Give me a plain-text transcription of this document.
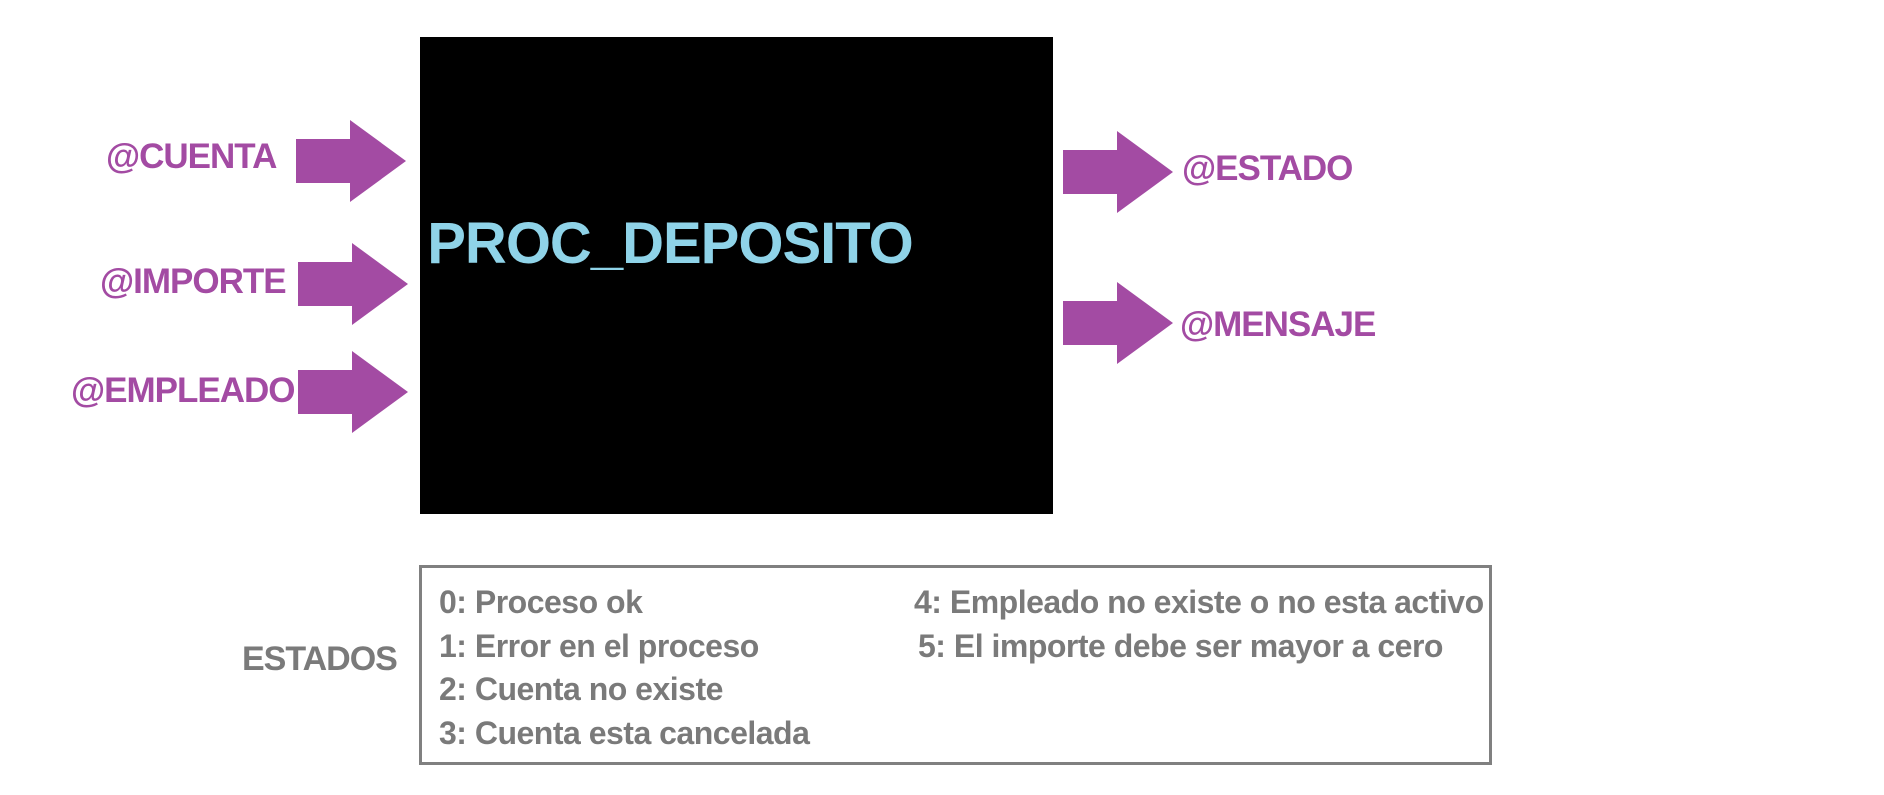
PROC_DEPOSITO
@CUENTA
@IMPORTE
@EMPLEADO
@ESTADO
@MENSAJE
ESTADOS
0: Proceso ok
1: Error en el proceso
2: Cuenta no existe
3: Cuenta esta cancelada
4: Empleado no existe o no esta activo
5: El importe debe ser mayor a cero
